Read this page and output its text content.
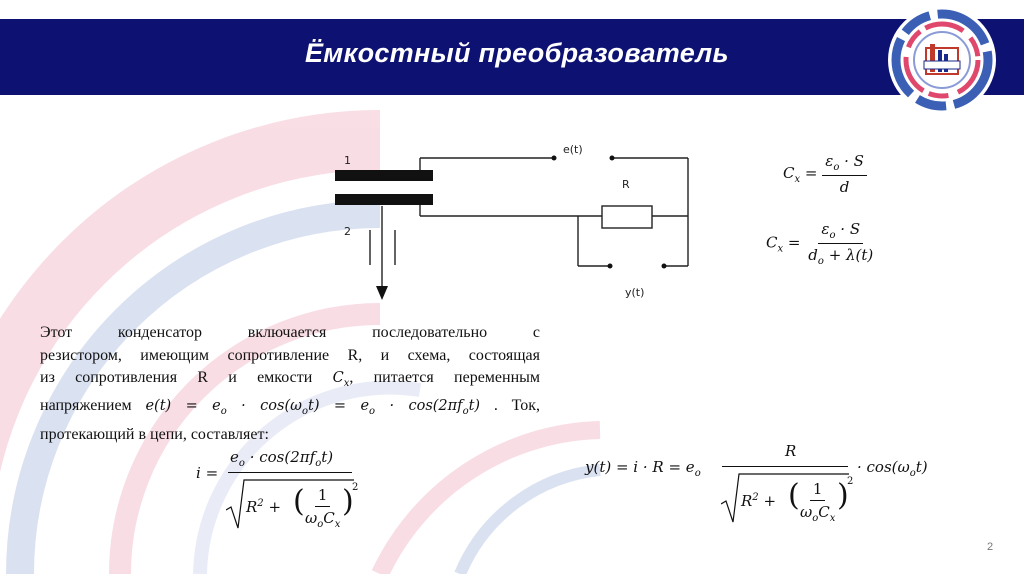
Ёмкостный преобразователь
1
2
e(t)
R
y(t)
$C_x = \frac{\varepsilon_o \cdot S}{d}$
$C_x = \frac{\varepsilon_o \cdot S}{d_o + \lambda(t)}$
Этот конденсатор включается последовательно с
резистором, имеющим сопротивление R, и схема, состоящая
из сопротивления R и емкости $C_x$, питается переменным
напряжением $e(t) = e_o \cdot \cos(\omega_ot) = e_o \cdot \cos(2\pi f_ot)$ . Ток,
протекающий в цепи, составляет:
i =
$e_o \cdot \cos(2\pi f_ot)$
$R^2$ + (
$\frac{1}{\omega_oC_x}$
)
2
$y(t) = i \cdot R = e_o$
R
· $\cos(\omega_ot)$
$R^2$ + (
$\frac{1}{\omega_oC_x}$
)
2
2
